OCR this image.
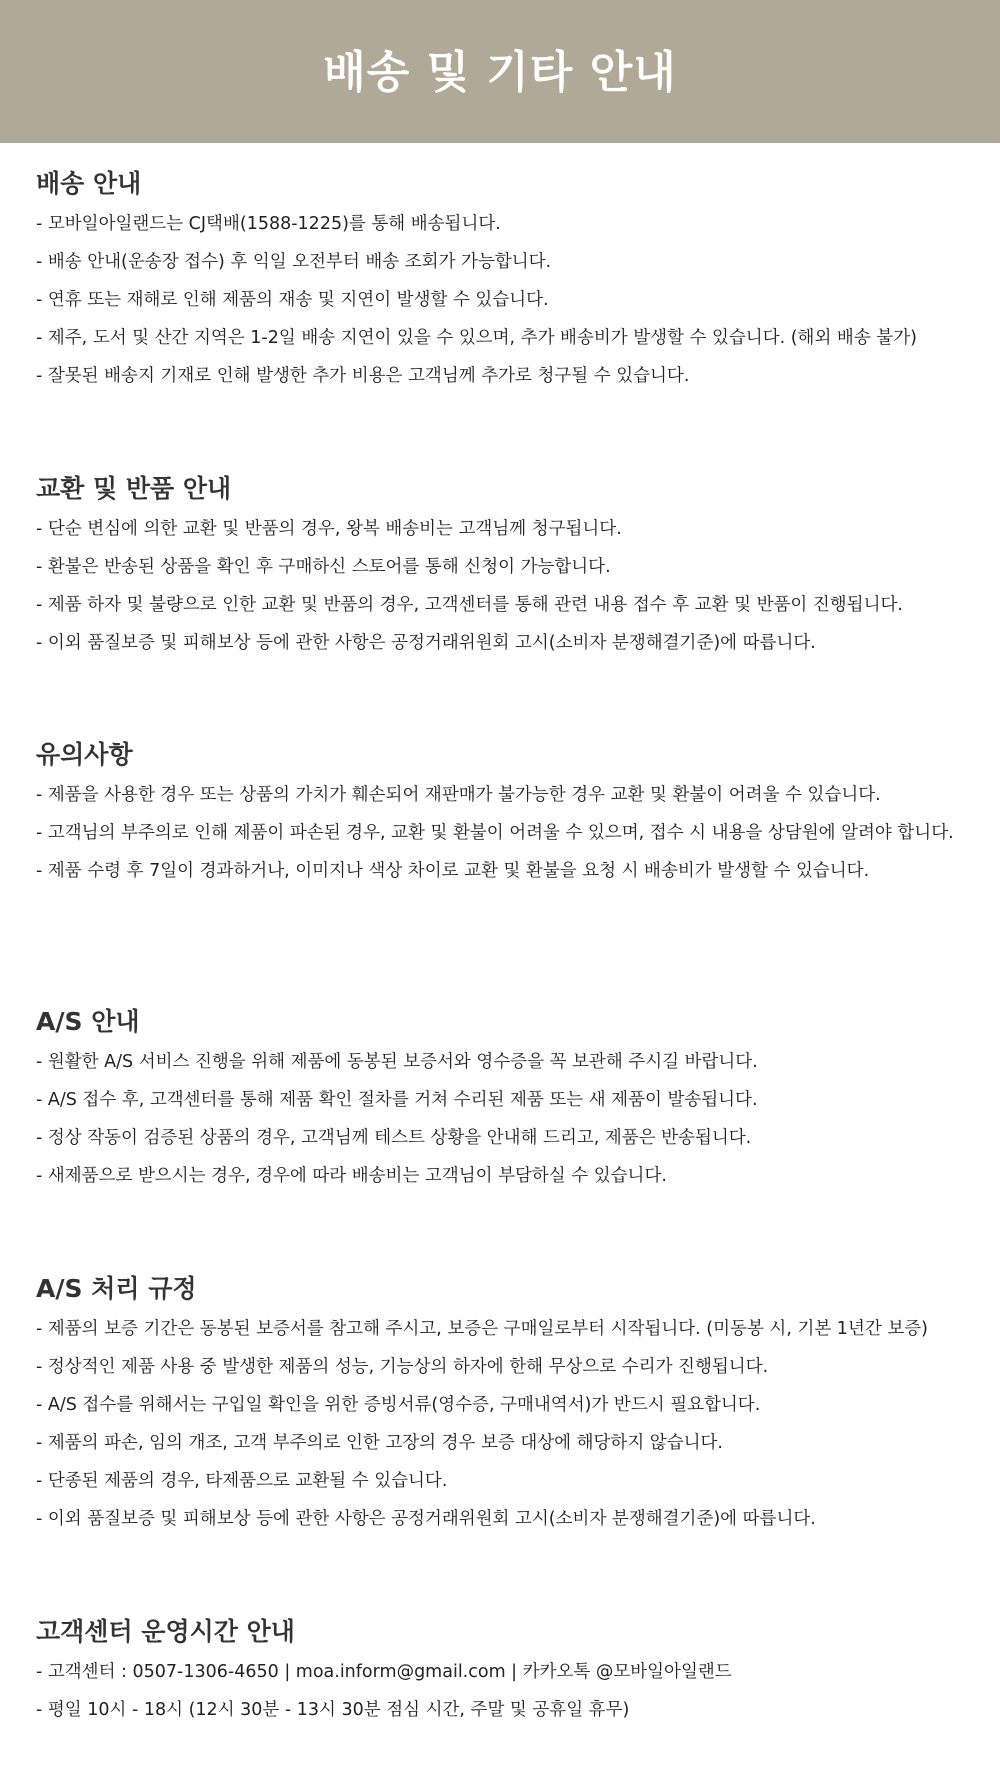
배송 및 기타 안내
배송 안내
- 모바일아일랜드는 CJ택배(1588-1225)를 통해 배송됩니다.
- 배송 안내(운송장 접수) 후 익일 오전부터 배송 조회가 가능합니다.
- 연휴 또는 재해로 인해 제품의 재송 및 지연이 발생할 수 있습니다.
- 제주, 도서 및 산간 지역은 1-2일 배송 지연이 있을 수 있으며, 추가 배송비가 발생할 수 있습니다. (해외 배송 불가)
- 잘못된 배송지 기재로 인해 발생한 추가 비용은 고객님께 추가로 청구될 수 있습니다.
교환 및 반품 안내
- 단순 변심에 의한 교환 및 반품의 경우, 왕복 배송비는 고객님께 청구됩니다.
- 환불은 반송된 상품을 확인 후 구매하신 스토어를 통해 신청이 가능합니다.
- 제품 하자 및 불량으로 인한 교환 및 반품의 경우, 고객센터를 통해 관련 내용 접수 후 교환 및 반품이 진행됩니다.
- 이외 품질보증 및 피해보상 등에 관한 사항은 공정거래위원회 고시(소비자 분쟁해결기준)에 따릅니다.
유의사항
- 제품을 사용한 경우 또는 상품의 가치가 훼손되어 재판매가 불가능한 경우 교환 및 환불이 어려울 수 있습니다.
- 고객님의 부주의로 인해 제품이 파손된 경우, 교환 및 환불이 어려울 수 있으며, 접수 시 내용을 상담원에 알려야 합니다.
- 제품 수령 후 7일이 경과하거나, 이미지나 색상 차이로 교환 및 환불을 요청 시 배송비가 발생할 수 있습니다.
A/S 안내
- 원활한 A/S 서비스 진행을 위해 제품에 동봉된 보증서와 영수증을 꼭 보관해 주시길 바랍니다.
- A/S 접수 후, 고객센터를 통해 제품 확인 절차를 거쳐 수리된 제품 또는 새 제품이 발송됩니다.
- 정상 작동이 검증된 상품의 경우, 고객님께 테스트 상황을 안내해 드리고, 제품은 반송됩니다.
- 새제품으로 받으시는 경우, 경우에 따라 배송비는 고객님이 부담하실 수 있습니다.
A/S 처리 규정
- 제품의 보증 기간은 동봉된 보증서를 참고해 주시고, 보증은 구매일로부터 시작됩니다. (미동봉 시, 기본 1년간 보증)
- 정상적인 제품 사용 중 발생한 제품의 성능, 기능상의 하자에 한해 무상으로 수리가 진행됩니다.
- A/S 접수를 위해서는 구입일 확인을 위한 증빙서류(영수증, 구매내역서)가 반드시 필요합니다.
- 제품의 파손, 임의 개조, 고객 부주의로 인한 고장의 경우 보증 대상에 해당하지 않습니다.
- 단종된 제품의 경우, 타제품으로 교환될 수 있습니다.
- 이외 품질보증 및 피해보상 등에 관한 사항은 공정거래위원회 고시(소비자 분쟁해결기준)에 따릅니다.
고객센터 운영시간 안내
- 고객센터 : 0507-1306-4650 | moa.inform@gmail.com | 카카오톡 @모바일아일랜드
- 평일 10시 - 18시 (12시 30분 - 13시 30분 점심 시간, 주말 및 공휴일 휴무)
